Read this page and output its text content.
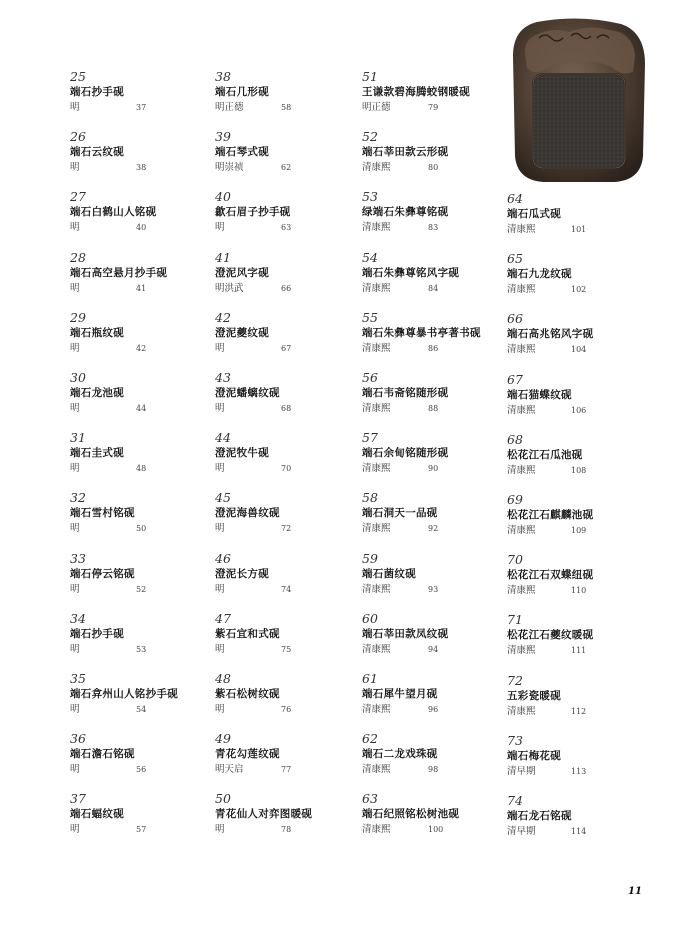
25
端石抄手砚
明	37
26
端石云纹砚
明	38
27
端石白鹤山人铭砚
明	40
28
端石高空悬月抄手砚
明	41
29
端石瓶纹砚
明	42
30
端石龙池砚
明	44
31
端石圭式砚
明	48
32
端石雪村铭砚
明	50
33
端石停云铭砚
明	52
34
端石抄手砚
明	53
35
端石弇州山人铭抄手砚
明	54
36
端石澹石铭砚
明	56
37
端石蝠纹砚
明	57
38
端石几形砚
明正德	58
39
端石琴式砚
明崇祯	62
40
歙石眉子抄手砚
明	63
41
澄泥风字砚
明洪武	66
42
澄泥夔纹砚
明	67
43
澄泥蟠螭纹砚
明	68
44
澄泥牧牛砚
明	70
45
澄泥海兽纹砚
明	72
46
澄泥长方砚
明	74
47
紫石宜和式砚
明	75
48
紫石松树纹砚
明	76
49
青花勾莲纹砚
明天启	77
50
青花仙人对弈图暖砚
明	78
51
王谦款碧海腾蛟钢暖砚
明正德	79
52
端石莘田款云形砚
清康熙	80
53
绿端石朱彝尊铭砚
清康熙	83
54
端石朱彝尊铭风字砚
清康熙	84
55
端石朱彝尊暴书亭著书砚
清康熙	86
56
端石韦斋铭随形砚
清康熙	88
57
端石余甸铭随形砚
清康熙	90
58
端石洞天一品砚
清康熙	92
59
端石菌纹砚
清康熙	93
60
端石莘田款凤纹砚
清康熙	94
61
端石犀牛望月砚
清康熙	96
62
端石二龙戏珠砚
清康熙	98
63
端石纪照铭松树池砚
清康熙	100
64
端石瓜式砚
清康熙	101
65
端石九龙纹砚
清康熙	102
66
端石高兆铭风字砚
清康熙	104
67
端石猫蝶纹砚
清康熙	106
68
松花江石瓜池砚
清康熙	108
69
松花江石麒麟池砚
清康熙	109
70
松花江石双蝶纽砚
清康熙	110
71
松花江石夔纹暖砚
清康熙	111
72
五彩瓷暖砚
清康熙	112
73
端石梅花砚
清早期	113
74
端石龙石铭砚
清早期	114
11
